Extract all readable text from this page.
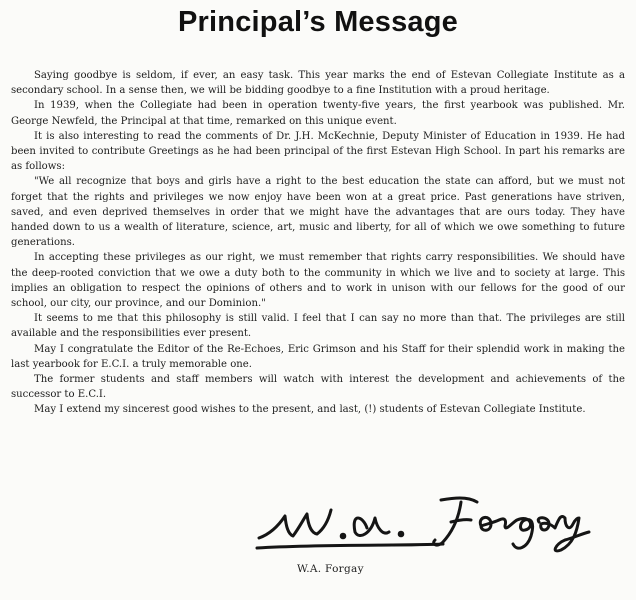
Principal’s Message

Saying goodbye is seldom, if ever, an easy task. This year marks the end of Estevan Collegiate Institute as a secondary school. In a sense then, we will be bidding goodbye to a fine Institution with a proud heritage.

In 1939, when the Collegiate had been in operation twenty-five years, the first yearbook was published. Mr. George Newfeld, the Principal at that time, remarked on this unique event.

It is also interesting to read the comments of Dr. J.H. McKechnie, Deputy Minister of Education in 1939. He had been invited to contribute Greetings as he had been principal of the first Estevan High School. In part his remarks are as follows:

"We all recognize that boys and girls have a right to the best education the state can afford, but we must not forget that the rights and privileges we now enjoy have been won at a great price. Past generations have striven, saved, and even deprived themselves in order that we might have the advantages that are ours today. They have handed down to us a wealth of literature, science, art, music and liberty, for all of which we owe something to future generations.

In accepting these privileges as our right, we must remember that rights carry responsibilities. We should have the deep-rooted conviction that we owe a duty both to the community in which we live and to society at large. This implies an obligation to respect the opinions of others and to work in unison with our fellows for the good of our school, our city, our province, and our Dominion."

It seems to me that this philosophy is still valid. I feel that I can say no more than that. The privileges are still available and the responsibilities ever present.

May I congratulate the Editor of the Re-Echoes, Eric Grimson and his Staff for their splendid work in making the last yearbook for E.C.I. a truly memorable one.

The former students and staff members will watch with interest the development and achievements of the successor to E.C.I.

May I extend my sincerest good wishes to the present, and last, (!) students of Estevan Collegiate Institute.

W.A. Forgay
